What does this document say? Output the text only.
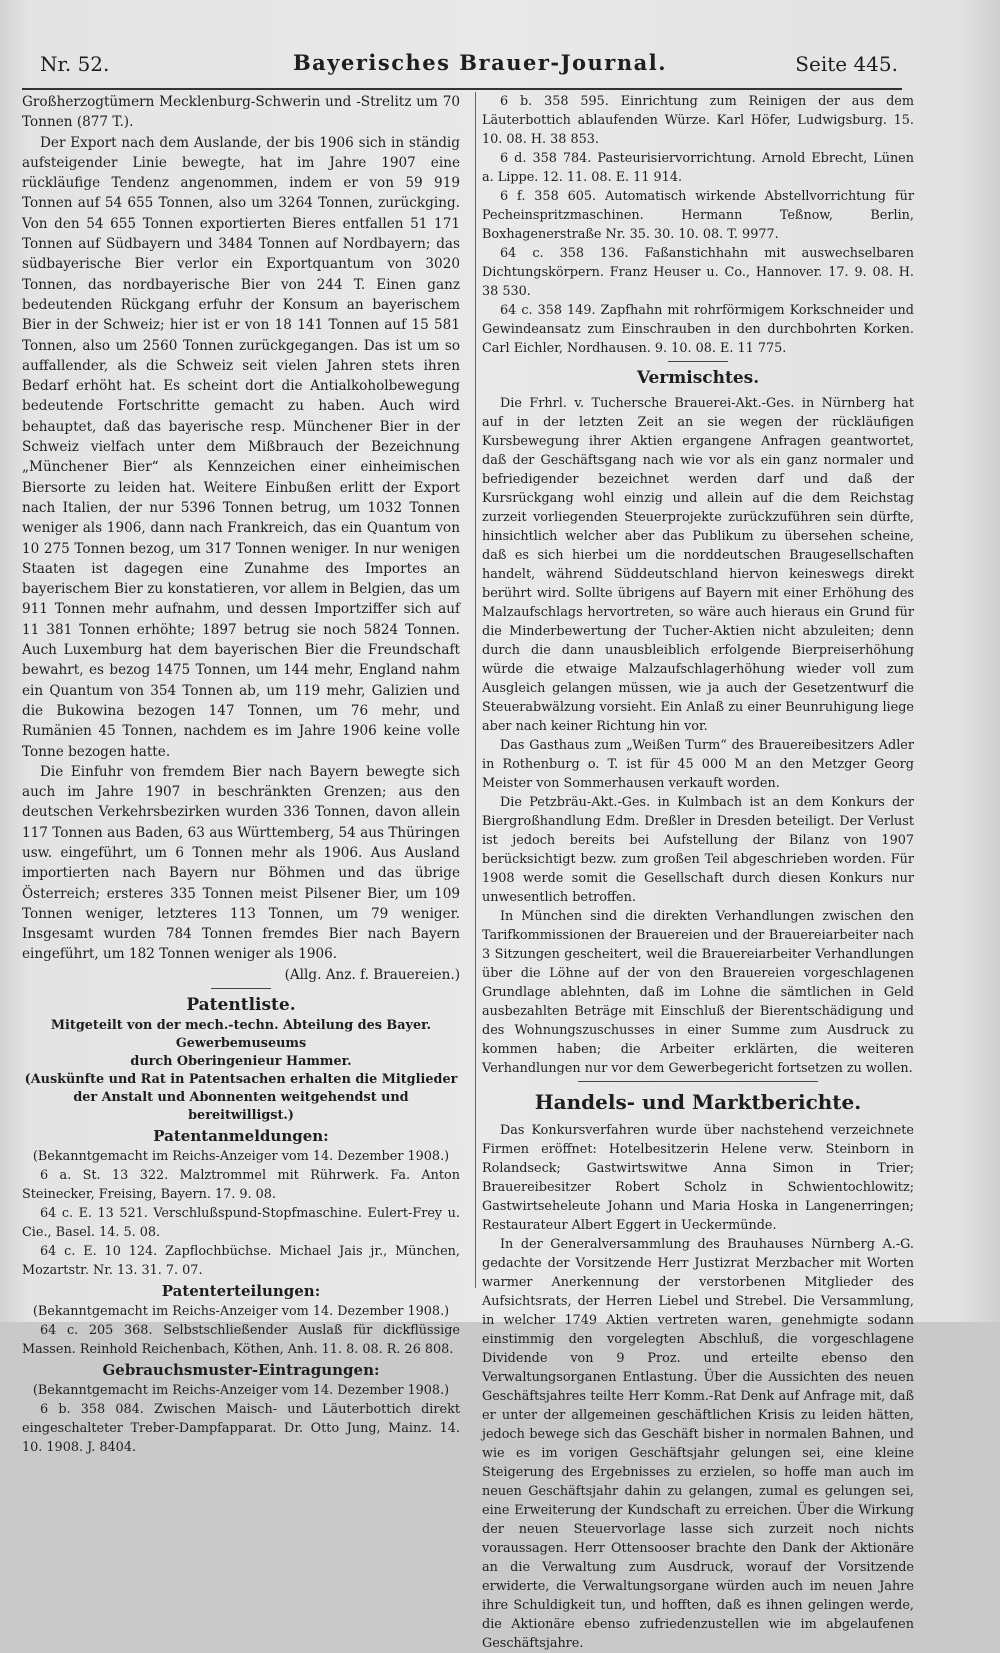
Nr. 52.	Bayerisches Brauer-Journal.	Seite 445.

Großherzogtümern Mecklenburg-Schwerin und -Strelitz um 70 Tonnen (877 T.).

Der Export nach dem Auslande, der bis 1906 sich in ständig aufsteigender Linie bewegte, hat im Jahre 1907 eine rückläufige Tendenz angenommen, indem er von 59 919 Tonnen auf 54 655 Tonnen, also um 3264 Tonnen, zurückging. Von den 54 655 Tonnen exportierten Bieres entfallen 51 171 Tonnen auf Südbayern und 3484 Tonnen auf Nordbayern; das südbayerische Bier verlor ein Exportquantum von 3020 Tonnen, das nordbayerische Bier von 244 T. Einen ganz bedeutenden Rückgang erfuhr der Konsum an bayerischem Bier in der Schweiz; hier ist er von 18 141 Tonnen auf 15 581 Tonnen, also um 2560 Tonnen zurückgegangen. Das ist um so auffallender, als die Schweiz seit vielen Jahren stets ihren Bedarf erhöht hat. Es scheint dort die Antialkoholbewegung bedeutende Fortschritte gemacht zu haben. Auch wird behauptet, daß das bayerische resp. Münchener Bier in der Schweiz vielfach unter dem Mißbrauch der Bezeichnung „Münchener Bier“ als Kennzeichen einer einheimischen Biersorte zu leiden hat. Weitere Einbußen erlitt der Export nach Italien, der nur 5396 Tonnen betrug, um 1032 Tonnen weniger als 1906, dann nach Frankreich, das ein Quantum von 10 275 Tonnen bezog, um 317 Tonnen weniger. In nur wenigen Staaten ist dagegen eine Zunahme des Importes an bayerischem Bier zu konstatieren, vor allem in Belgien, das um 911 Tonnen mehr aufnahm, und dessen Importziffer sich auf 11 381 Tonnen erhöhte; 1897 betrug sie noch 5824 Tonnen. Auch Luxemburg hat dem bayerischen Bier die Freundschaft bewahrt, es bezog 1475 Tonnen, um 144 mehr, England nahm ein Quantum von 354 Tonnen ab, um 119 mehr, Galizien und die Bukowina bezogen 147 Tonnen, um 76 mehr, und Rumänien 45 Tonnen, nachdem es im Jahre 1906 keine volle Tonne bezogen hatte.

Die Einfuhr von fremdem Bier nach Bayern bewegte sich auch im Jahre 1907 in beschränkten Grenzen; aus den deutschen Verkehrsbezirken wurden 336 Tonnen, davon allein 117 Tonnen aus Baden, 63 aus Württemberg, 54 aus Thüringen usw. eingeführt, um 6 Tonnen mehr als 1906. Aus Ausland importierten nach Bayern nur Böhmen und das übrige Österreich; ersteres 335 Tonnen meist Pilsener Bier, um 109 Tonnen weniger, letzteres 113 Tonnen, um 79 weniger. Insgesamt wurden 784 Tonnen fremdes Bier nach Bayern eingeführt, um 182 Tonnen weniger als 1906.

(Allg. Anz. f. Brauereien.)

Patentliste.
Mitgeteilt von der mech.-techn. Abteilung des Bayer. Gewerbemuseums
durch Oberingenieur Hammer.
(Auskünfte und Rat in Patentsachen erhalten die Mitglieder der Anstalt und Abonnenten weitgehendst und bereitwilligst.)
Patentanmeldungen:

(Bekanntgemacht im Reichs-Anzeiger vom 14. Dezember 1908.)

6 a. St. 13 322. Malztrommel mit Rührwerk. Fa. Anton Steinecker, Freising, Bayern. 17. 9. 08.

64 c. E. 13 521. Verschlußspund-Stopfmaschine. Eulert-Frey u. Cie., Basel. 14. 5. 08.

64 c. E. 10 124. Zapflochbüchse. Michael Jais jr., München, Mozartstr. Nr. 13. 31. 7. 07.

Patenterteilungen:

(Bekanntgemacht im Reichs-Anzeiger vom 14. Dezember 1908.)

64 c. 205 368. Selbstschließender Auslaß für dickflüssige Massen. Reinhold Reichenbach, Köthen, Anh. 11. 8. 08. R. 26 808.

Gebrauchsmuster-Eintragungen:

(Bekanntgemacht im Reichs-Anzeiger vom 14. Dezember 1908.)

6 b. 358 084. Zwischen Maisch- und Läuterbottich direkt eingeschalteter Treber-Dampfapparat. Dr. Otto Jung, Mainz. 14. 10. 1908. J. 8404.

6 b. 358 595. Einrichtung zum Reinigen der aus dem Läuterbottich ablaufenden Würze. Karl Höfer, Ludwigsburg. 15. 10. 08. H. 38 853.

6 d. 358 784. Pasteurisiervorrichtung. Arnold Ebrecht, Lünen a. Lippe. 12. 11. 08. E. 11 914.

6 f. 358 605. Automatisch wirkende Abstellvorrichtung für Pecheinspritzmaschinen. Hermann Teßnow, Berlin, Boxhagenerstraße Nr. 35. 30. 10. 08. T. 9977.

64 c. 358 136. Faßanstichhahn mit auswechselbaren Dichtungskörpern. Franz Heuser u. Co., Hannover. 17. 9. 08. H. 38 530.

64 c. 358 149. Zapfhahn mit rohrförmigem Korkschneider und Gewindeansatz zum Einschrauben in den durchbohrten Korken. Carl Eichler, Nordhausen. 9. 10. 08. E. 11 775.

Vermischtes.

Die Frhrl. v. Tuchersche Brauerei-Akt.-Ges. in Nürnberg hat auf in der letzten Zeit an sie wegen der rückläufigen Kursbewegung ihrer Aktien ergangene Anfragen geantwortet, daß der Geschäftsgang nach wie vor als ein ganz normaler und befriedigender bezeichnet werden darf und daß der Kursrückgang wohl einzig und allein auf die dem Reichstag zurzeit vorliegenden Steuerprojekte zurückzuführen sein dürfte, hinsichtlich welcher aber das Publikum zu übersehen scheine, daß es sich hierbei um die norddeutschen Braugesellschaften handelt, während Süddeutschland hiervon keineswegs direkt berührt wird. Sollte übrigens auf Bayern mit einer Erhöhung des Malzaufschlags hervortreten, so wäre auch hieraus ein Grund für die Minderbewertung der Tucher-Aktien nicht abzuleiten; denn durch die dann unausbleiblich erfolgende Bierpreiserhöhung würde die etwaige Malzaufschlagerhöhung wieder voll zum Ausgleich gelangen müssen, wie ja auch der Gesetzentwurf die Steuerabwälzung vorsieht. Ein Anlaß zu einer Beunruhigung liege aber nach keiner Richtung hin vor.

Das Gasthaus zum „Weißen Turm“ des Brauereibesitzers Adler in Rothenburg o. T. ist für 45 000 M an den Metzger Georg Meister von Sommerhausen verkauft worden.

Die Petzbräu-Akt.-Ges. in Kulmbach ist an dem Konkurs der Biergroßhandlung Edm. Dreßler in Dresden beteiligt. Der Verlust ist jedoch bereits bei Aufstellung der Bilanz von 1907 berücksichtigt bezw. zum großen Teil abgeschrieben worden. Für 1908 werde somit die Gesellschaft durch diesen Konkurs nur unwesentlich betroffen.

In München sind die direkten Verhandlungen zwischen den Tarifkommissionen der Brauereien und der Brauereiarbeiter nach 3 Sitzungen gescheitert, weil die Brauereiarbeiter Verhandlungen über die Löhne auf der von den Brauereien vorgeschlagenen Grundlage ablehnten, daß im Lohne die sämtlichen in Geld ausbezahlten Beträge mit Einschluß der Bierentschädigung und des Wohnungszuschusses in einer Summe zum Ausdruck zu kommen haben; die Arbeiter erklärten, die weiteren Verhandlungen nur vor dem Gewerbegericht fortsetzen zu wollen.

Handels- und Marktberichte.

Das Konkursverfahren wurde über nachstehend verzeichnete Firmen eröffnet: Hotelbesitzerin Helene verw. Steinborn in Rolandseck; Gastwirtswitwe Anna Simon in Trier; Brauereibesitzer Robert Scholz in Schwientochlowitz; Gastwirtseheleute Johann und Maria Hoska in Langenerringen; Restaurateur Albert Eggert in Ueckermünde.

In der Generalversammlung des Brauhauses Nürnberg A.-G. gedachte der Vorsitzende Herr Justizrat Merzbacher mit Worten warmer Anerkennung der verstorbenen Mitglieder des Aufsichtsrats, der Herren Liebel und Strebel. Die Versammlung, in welcher 1749 Aktien vertreten waren, genehmigte sodann einstimmig den vorgelegten Abschluß, die vorgeschlagene Dividende von 9 Proz. und erteilte ebenso den Verwaltungsorganen Entlastung. Über die Aussichten des neuen Geschäftsjahres teilte Herr Komm.-Rat Denk auf Anfrage mit, daß er unter der allgemeinen geschäftlichen Krisis zu leiden hätten, jedoch bewege sich das Geschäft bisher in normalen Bahnen, und wie es im vorigen Geschäftsjahr gelungen sei, eine kleine Steigerung des Ergebnisses zu erzielen, so hoffe man auch im neuen Geschäftsjahr dahin zu gelangen, zumal es gelungen sei, eine Erweiterung der Kundschaft zu erreichen. Über die Wirkung der neuen Steuervorlage lasse sich zurzeit noch nichts voraussagen. Herr Ottensooser brachte den Dank der Aktionäre an die Verwaltung zum Ausdruck, worauf der Vorsitzende erwiderte, die Verwaltungsorgane würden auch im neuen Jahre ihre Schuldigkeit tun, und hofften, daß es ihnen gelingen werde, die Aktionäre ebenso zufriedenzustellen wie im abgelaufenen Geschäftsjahre.
